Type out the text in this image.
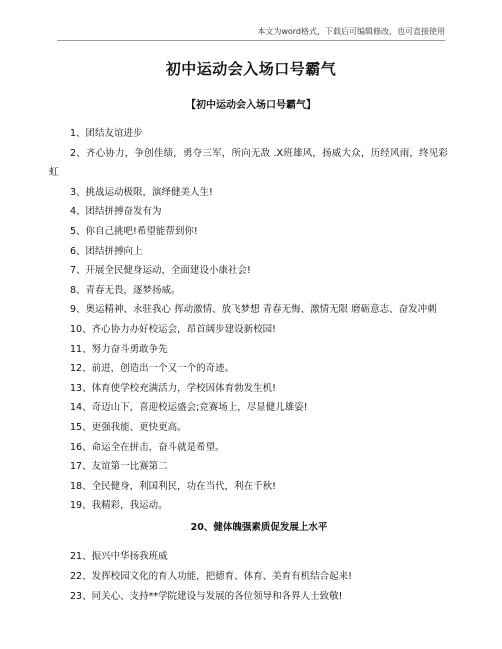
本文为word格式，下载后可编辑修改，也可直接使用
初中运动会入场口号霸气
【初中运动会入场口号霸气】
1、团结友谊进步
2、齐心协力，争创佳绩，勇夺三军，所向无敌 .X班雄风，扬威大众，历经风雨，终见彩虹
3、挑战运动极限，演绎健美人生!
4、团结拼搏奋发有为
5、你自己挑吧!希望能帮到你!
6、团结拼搏向上
7、开展全民健身运动，全面建设小康社会!
8、青春无畏，逐梦扬威。
9、奥运精神、永驻我心 挥动激情、放飞梦想 青春无悔、激情无限 磨砺意志、奋发冲刺
10、齐心协力办好校运会，昂首阔步建设新校园!
11、努力奋斗勇敢争先
12、前进，创造出一个又一个的奇迹。
13、体育使学校充满活力，学校因体育勃发生机!
14、奇迈山下，喜迎校运盛会;竞赛场上，尽显健儿雄姿!
15、更强我能、更快更高。
16、命运全在拼击，奋斗就是希望。
17、友谊第一比赛第二
18、全民健身，利国利民，功在当代，利在千秋!
19、我精彩，我运动。
20、健体魄强素质促发展上水平
21、振兴中华扬我班威
22、发挥校园文化的育人功能，把德育、体育、美育有机结合起来!
23、同关心、支持**学院建设与发展的各位领导和各界人士致敬!
